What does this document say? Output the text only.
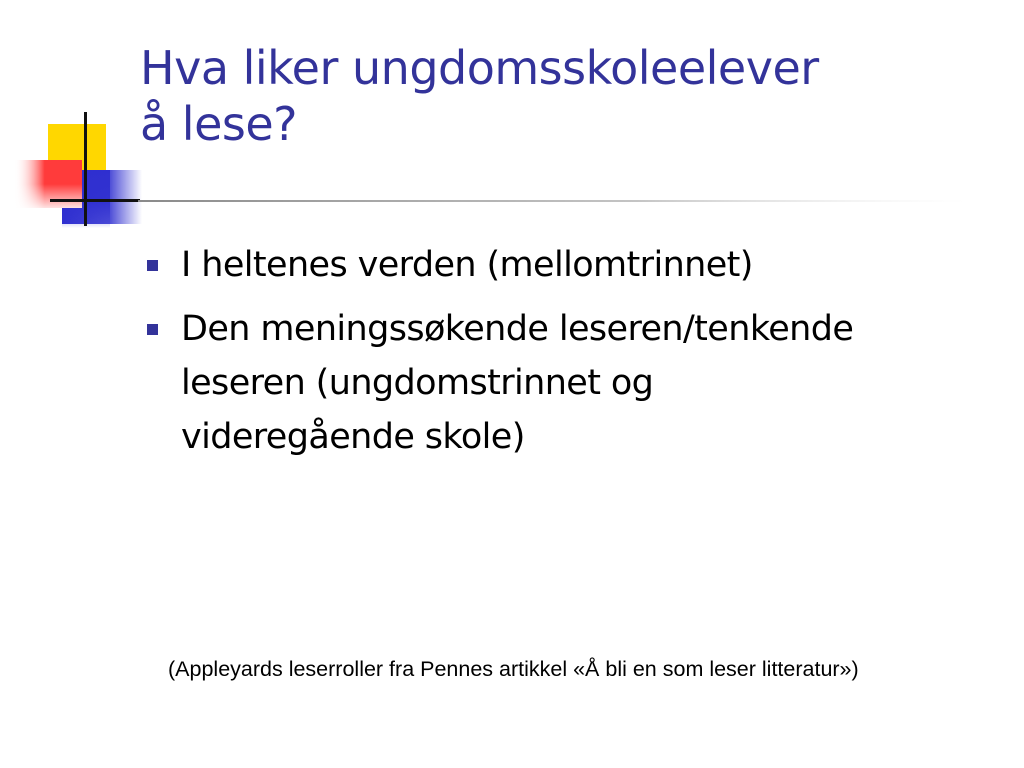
Hva liker ungdomsskoleelever
å lese?
I heltenes verden (mellomtrinnet)
Den meningssøkende leseren/tenkende
leseren (ungdomstrinnet og
videregående skole)

(Appleyards leserroller fra Pennes artikkel «Å bli en som leser litteratur»)
